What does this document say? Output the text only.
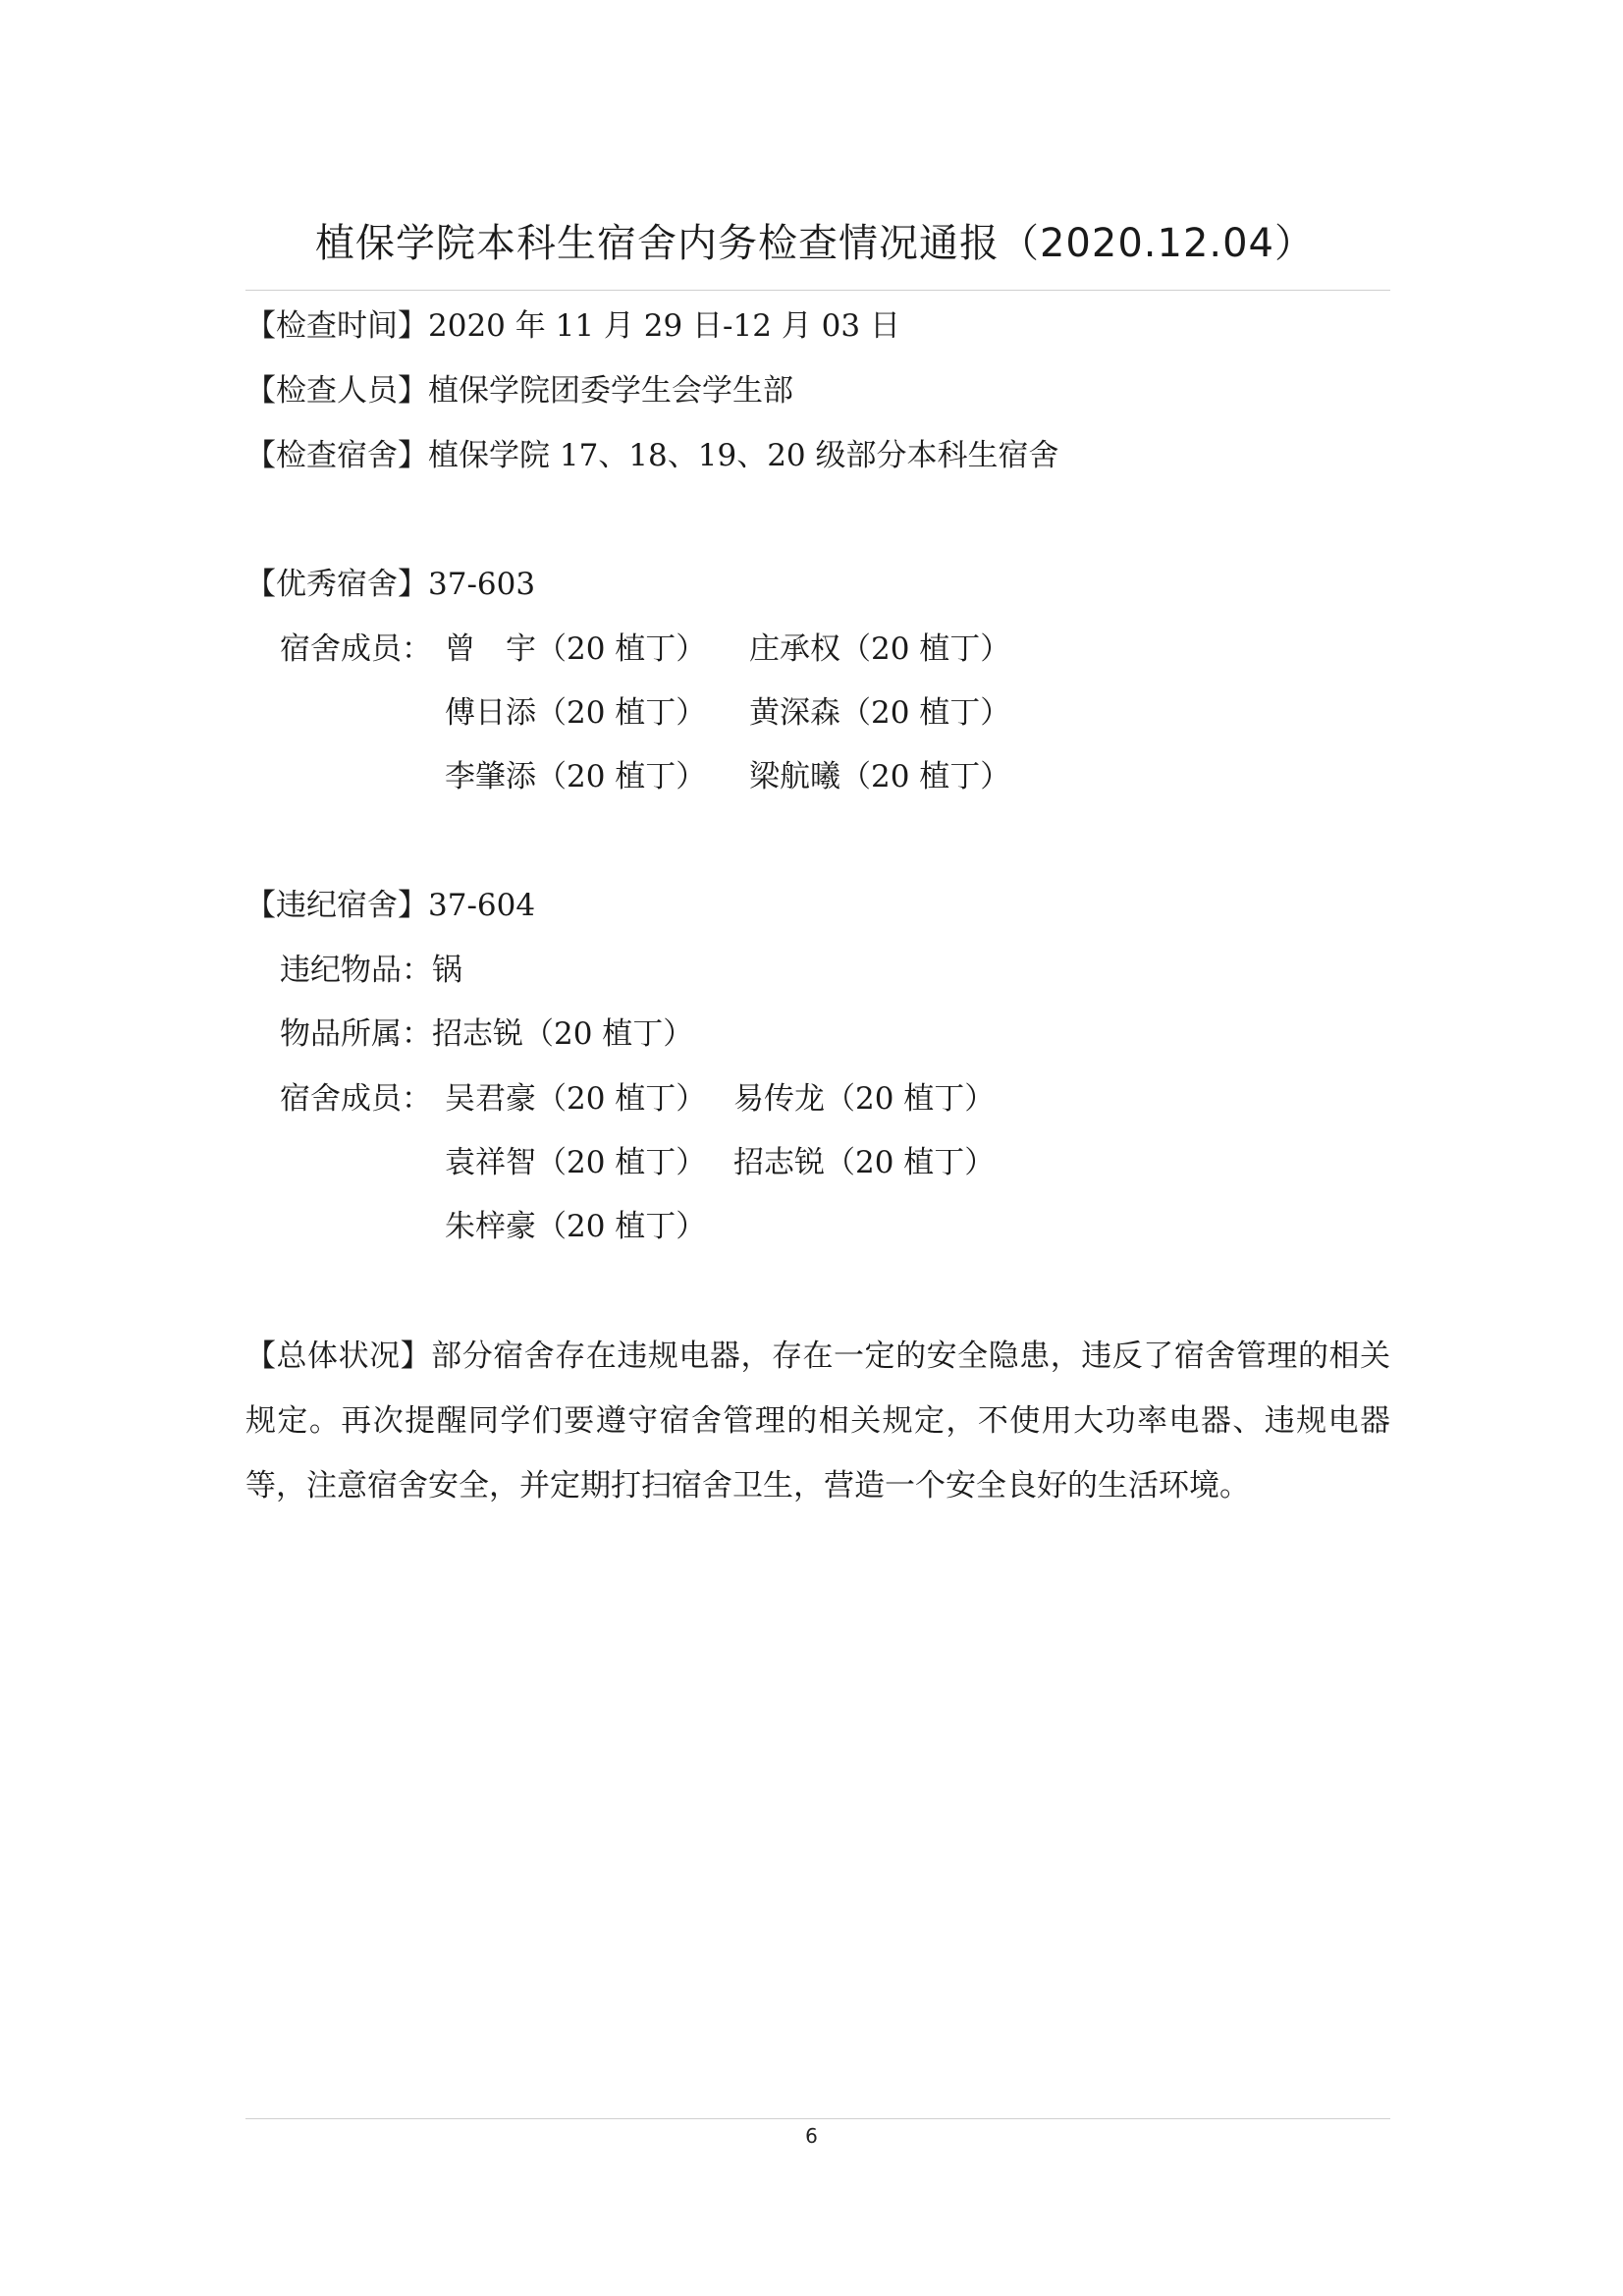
植保学院本科生宿舍内务检查情况通报（2020.12.04）
【检查时间】2020 年 11 月 29 日-12 月 03 日
【检查人员】植保学院团委学生会学生部
【检查宿舍】植保学院 17、18、19、20 级部分本科生宿舍
【优秀宿舍】37-603
宿舍成员： 曾　宇（20 植丁） 庄承权（20 植丁）
傅日添（20 植丁） 黄深森（20 植丁）
李肇添（20 植丁） 梁航曦（20 植丁）
【违纪宿舍】37-604
违纪物品：锅
物品所属：招志锐（20 植丁）
宿舍成员： 吴君豪（20 植丁） 易传龙（20 植丁）
袁祥智（20 植丁） 招志锐（20 植丁）
朱梓豪（20 植丁）
【总体状况】部分宿舍存在违规电器，存在一定的安全隐患，违反了宿舍管理的相关规定。再次提醒同学们要遵守宿舍管理的相关规定，不使用大功率电器、违规电器等，注意宿舍安全，并定期打扫宿舍卫生，营造一个安全良好的生活环境。
6
